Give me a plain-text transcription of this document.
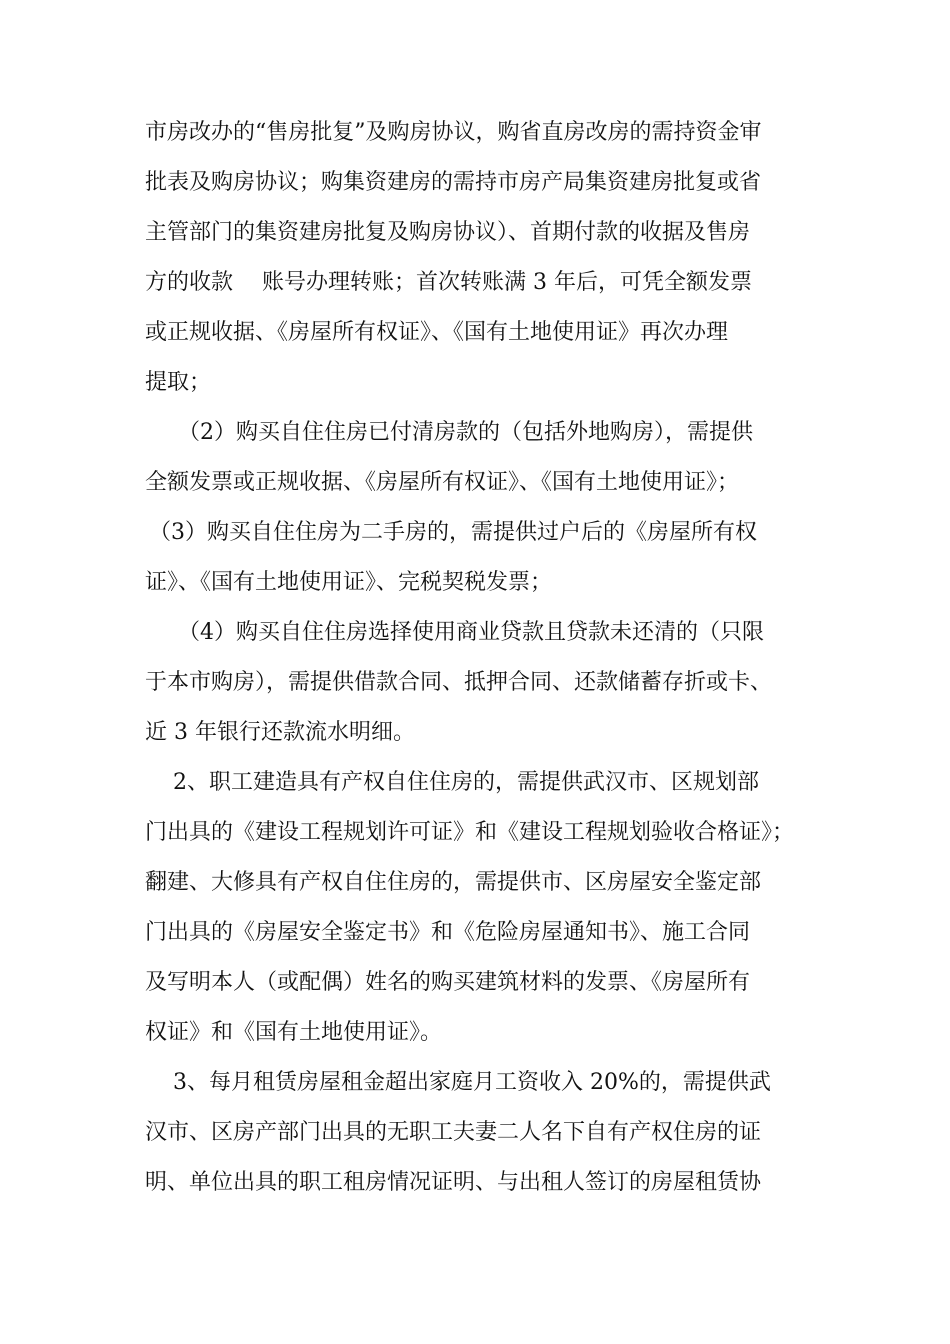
市房改办的“售房批复”及购房协议，购省直房改房的需持资金审
批表及购房协议；购集资建房的需持市房产局集资建房批复或省
主管部门的集资建房批复及购房协议）、首期付款的收据及售房
方的收款　 账号办理转账；首次转账满 3 年后，可凭全额发票
或正规收据、《房屋所有权证》、《国有土地使用证》再次办理
提取；
（2）购买自住住房已付清房款的（包括外地购房），需提供
全额发票或正规收据、《房屋所有权证》、《国有土地使用证》；
（3）购买自住住房为二手房的，需提供过户后的《房屋所有权
证》、《国有土地使用证》、完税契税发票；
（4）购买自住住房选择使用商业贷款且贷款未还清的（只限
于本市购房），需提供借款合同、抵押合同、还款储蓄存折或卡、
近 3 年银行还款流水明细。
2、职工建造具有产权自住住房的，需提供武汉市、区规划部
门出具的《建设工程规划许可证》和《建设工程规划验收合格证》；
翻建、大修具有产权自住住房的，需提供市、区房屋安全鉴定部
门出具的《房屋安全鉴定书》和《危险房屋通知书》、施工合同
及写明本人（或配偶）姓名的购买建筑材料的发票、《房屋所有
权证》和《国有土地使用证》。
3、每月租赁房屋租金超出家庭月工资收入 20%的，需提供武
汉市、区房产部门出具的无职工夫妻二人名下自有产权住房的证
明、单位出具的职工租房情况证明、与出租人签订的房屋租赁协
